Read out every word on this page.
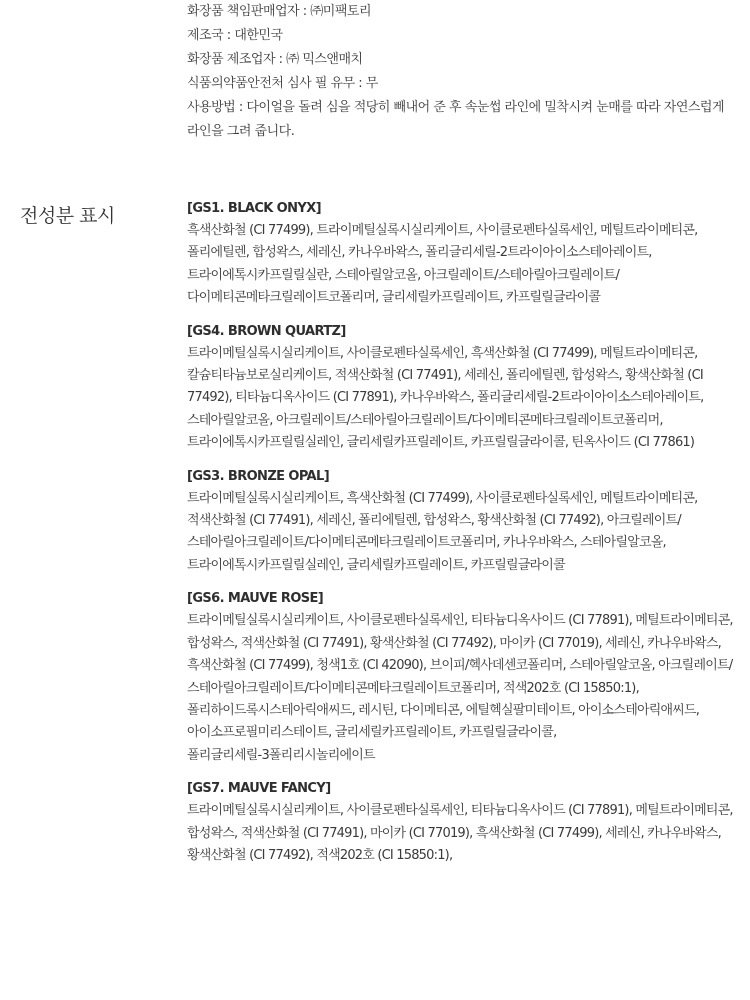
화장품 책임판매업자 : ㈜미팩토리
제조국 : 대한민국
화장품 제조업자 : ㈜ 믹스앤매치
식품의약품안전처 심사 필 유무 : 무
사용방법 : 다이얼을 돌려 심을 적당히 빼내어 준 후 속눈썹 라인에 밀착시켜 눈매를 따라 자연스럽게 라인을 그려 줍니다.
전성분 표시	[GS1. BLACK ONYX]
흑색산화철 (CI 77499), 트라이메틸실록시실리케이트, 사이클로펜타실록세인, 메틸트라이메티콘, 폴리에틸렌, 합성왁스, 세레신, 카나우바왁스, 폴리글리세릴-2트라이아이소스테아레이트, 트라이에톡시카프릴릴실란, 스테아릴알코올, 아크릴레이트/스테아릴아크릴레이트/다이메티콘메타크릴레이트코폴리머, 글리세릴카프릴레이트, 카프릴릴글라이콜
[GS4. BROWN QUARTZ]
트라이메틸실록시실리케이트, 사이클로펜타실록세인, 흑색산화철 (CI 77499), 메틸트라이메티콘, 칼슘티타늄보로실리케이트, 적색산화철 (CI 77491), 세레신, 폴리에틸렌, 합성왁스, 황색산화철 (CI 77492), 티타늄디옥사이드 (CI 77891), 카나우바왁스, 폴리글리세릴-2트라이아이소스테아레이트, 스테아릴알코올, 아크릴레이트/스테아릴아크릴레이트/다이메티콘메타크릴레이트코폴리머, 트라이에톡시카프릴릴실레인, 글리세릴카프릴레이트, 카프릴릴글라이콜, 틴옥사이드 (CI 77861)
[GS3. BRONZE OPAL]
트라이메틸실록시실리케이트, 흑색산화철 (CI 77499), 사이클로펜타실록세인, 메틸트라이메티콘, 적색산화철 (CI 77491), 세레신, 폴리에틸렌, 합성왁스, 황색산화철 (CI 77492), 아크릴레이트/스테아릴아크릴레이트/다이메티콘메타크릴레이트코폴리머, 카나우바왁스, 스테아릴알코올, 트라이에톡시카프릴릴실레인, 글리세릴카프릴레이트, 카프릴릴글라이콜
[GS6. MAUVE ROSE]
트라이메틸실록시실리케이트, 사이클로펜타실록세인, 티타늄디옥사이드 (CI 77891), 메틸트라이메티콘, 합성왁스, 적색산화철 (CI 77491), 황색산화철 (CI 77492), 마이카 (CI 77019), 세레신, 카나우바왁스, 흑색산화철 (CI 77499), 청색1호 (CI 42090), 브이피/헥사데센코폴리머, 스테아릴알코올, 아크릴레이트/스테아릴아크릴레이트/다이메티콘메타크릴레이트코폴리머, 적색202호 (CI 15850:1), 폴리하이드록시스테아릭애씨드, 레시틴, 다이메티콘, 에틸헥실팔미테이트, 아이소스테아릭애씨드, 아이소프로필미리스테이트, 글리세릴카프릴레이트, 카프릴릴글라이콜, 폴리글리세릴-3폴리리시놀리에이트
[GS7. MAUVE FANCY]
트라이메틸실록시실리케이트, 사이클로펜타실록세인, 티타늄디옥사이드 (CI 77891), 메틸트라이메티콘, 합성왁스, 적색산화철 (CI 77491), 마이카 (CI 77019), 흑색산화철 (CI 77499), 세레신, 카나우바왁스, 황색산화철 (CI 77492), 적색202호 (CI 15850:1),
